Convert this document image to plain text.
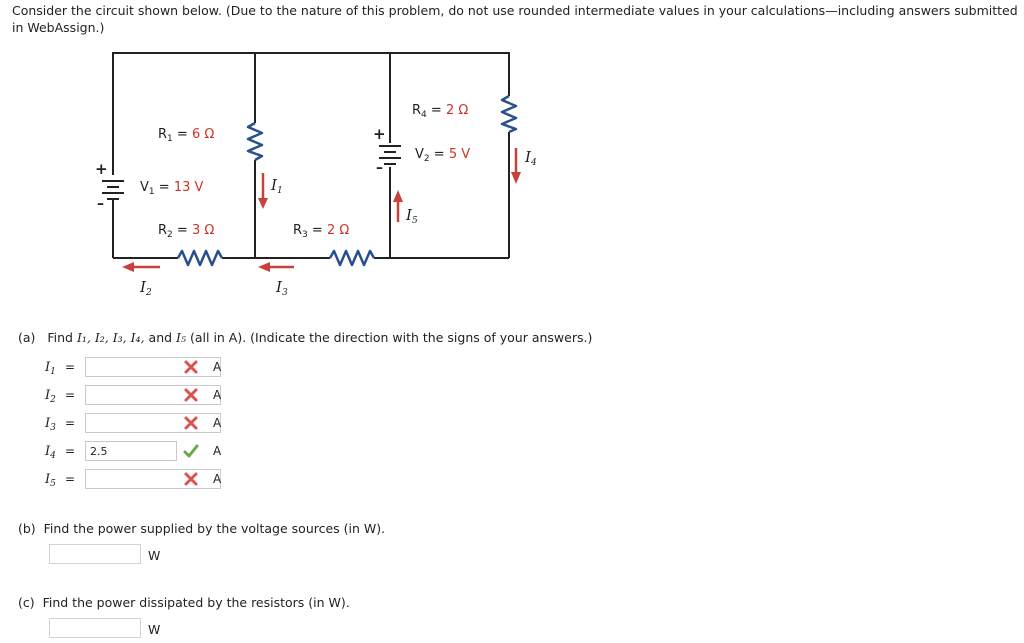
Consider the circuit shown below. (Due to the nature of this problem, do not use rounded intermediate values in your calculations—including answers submitted in WebAssign.)
+
–
+
–
$R_1 = 6$ Ω
$V_1 = 13$ V
$R_2 = 3$ Ω	$R_3 = 2$ Ω
$R_4 = 2$ Ω
$V_2 = 5$ V
$I_1$
$I_4$
$I_5$
$I_2$	$I_3$
(a) Find I₁, I₂, I₃, I₄, and I₅ (all in A). (Indicate the direction with the signs of your answers.)
$I_1$ =	A
$I_2$ =	A
$I_3$ =	A
$I_4$ =	2.5	A
$I_5$ =	A
(b) Find the power supplied by the voltage sources (in W).
W
(c) Find the power dissipated by the resistors (in W).
W
